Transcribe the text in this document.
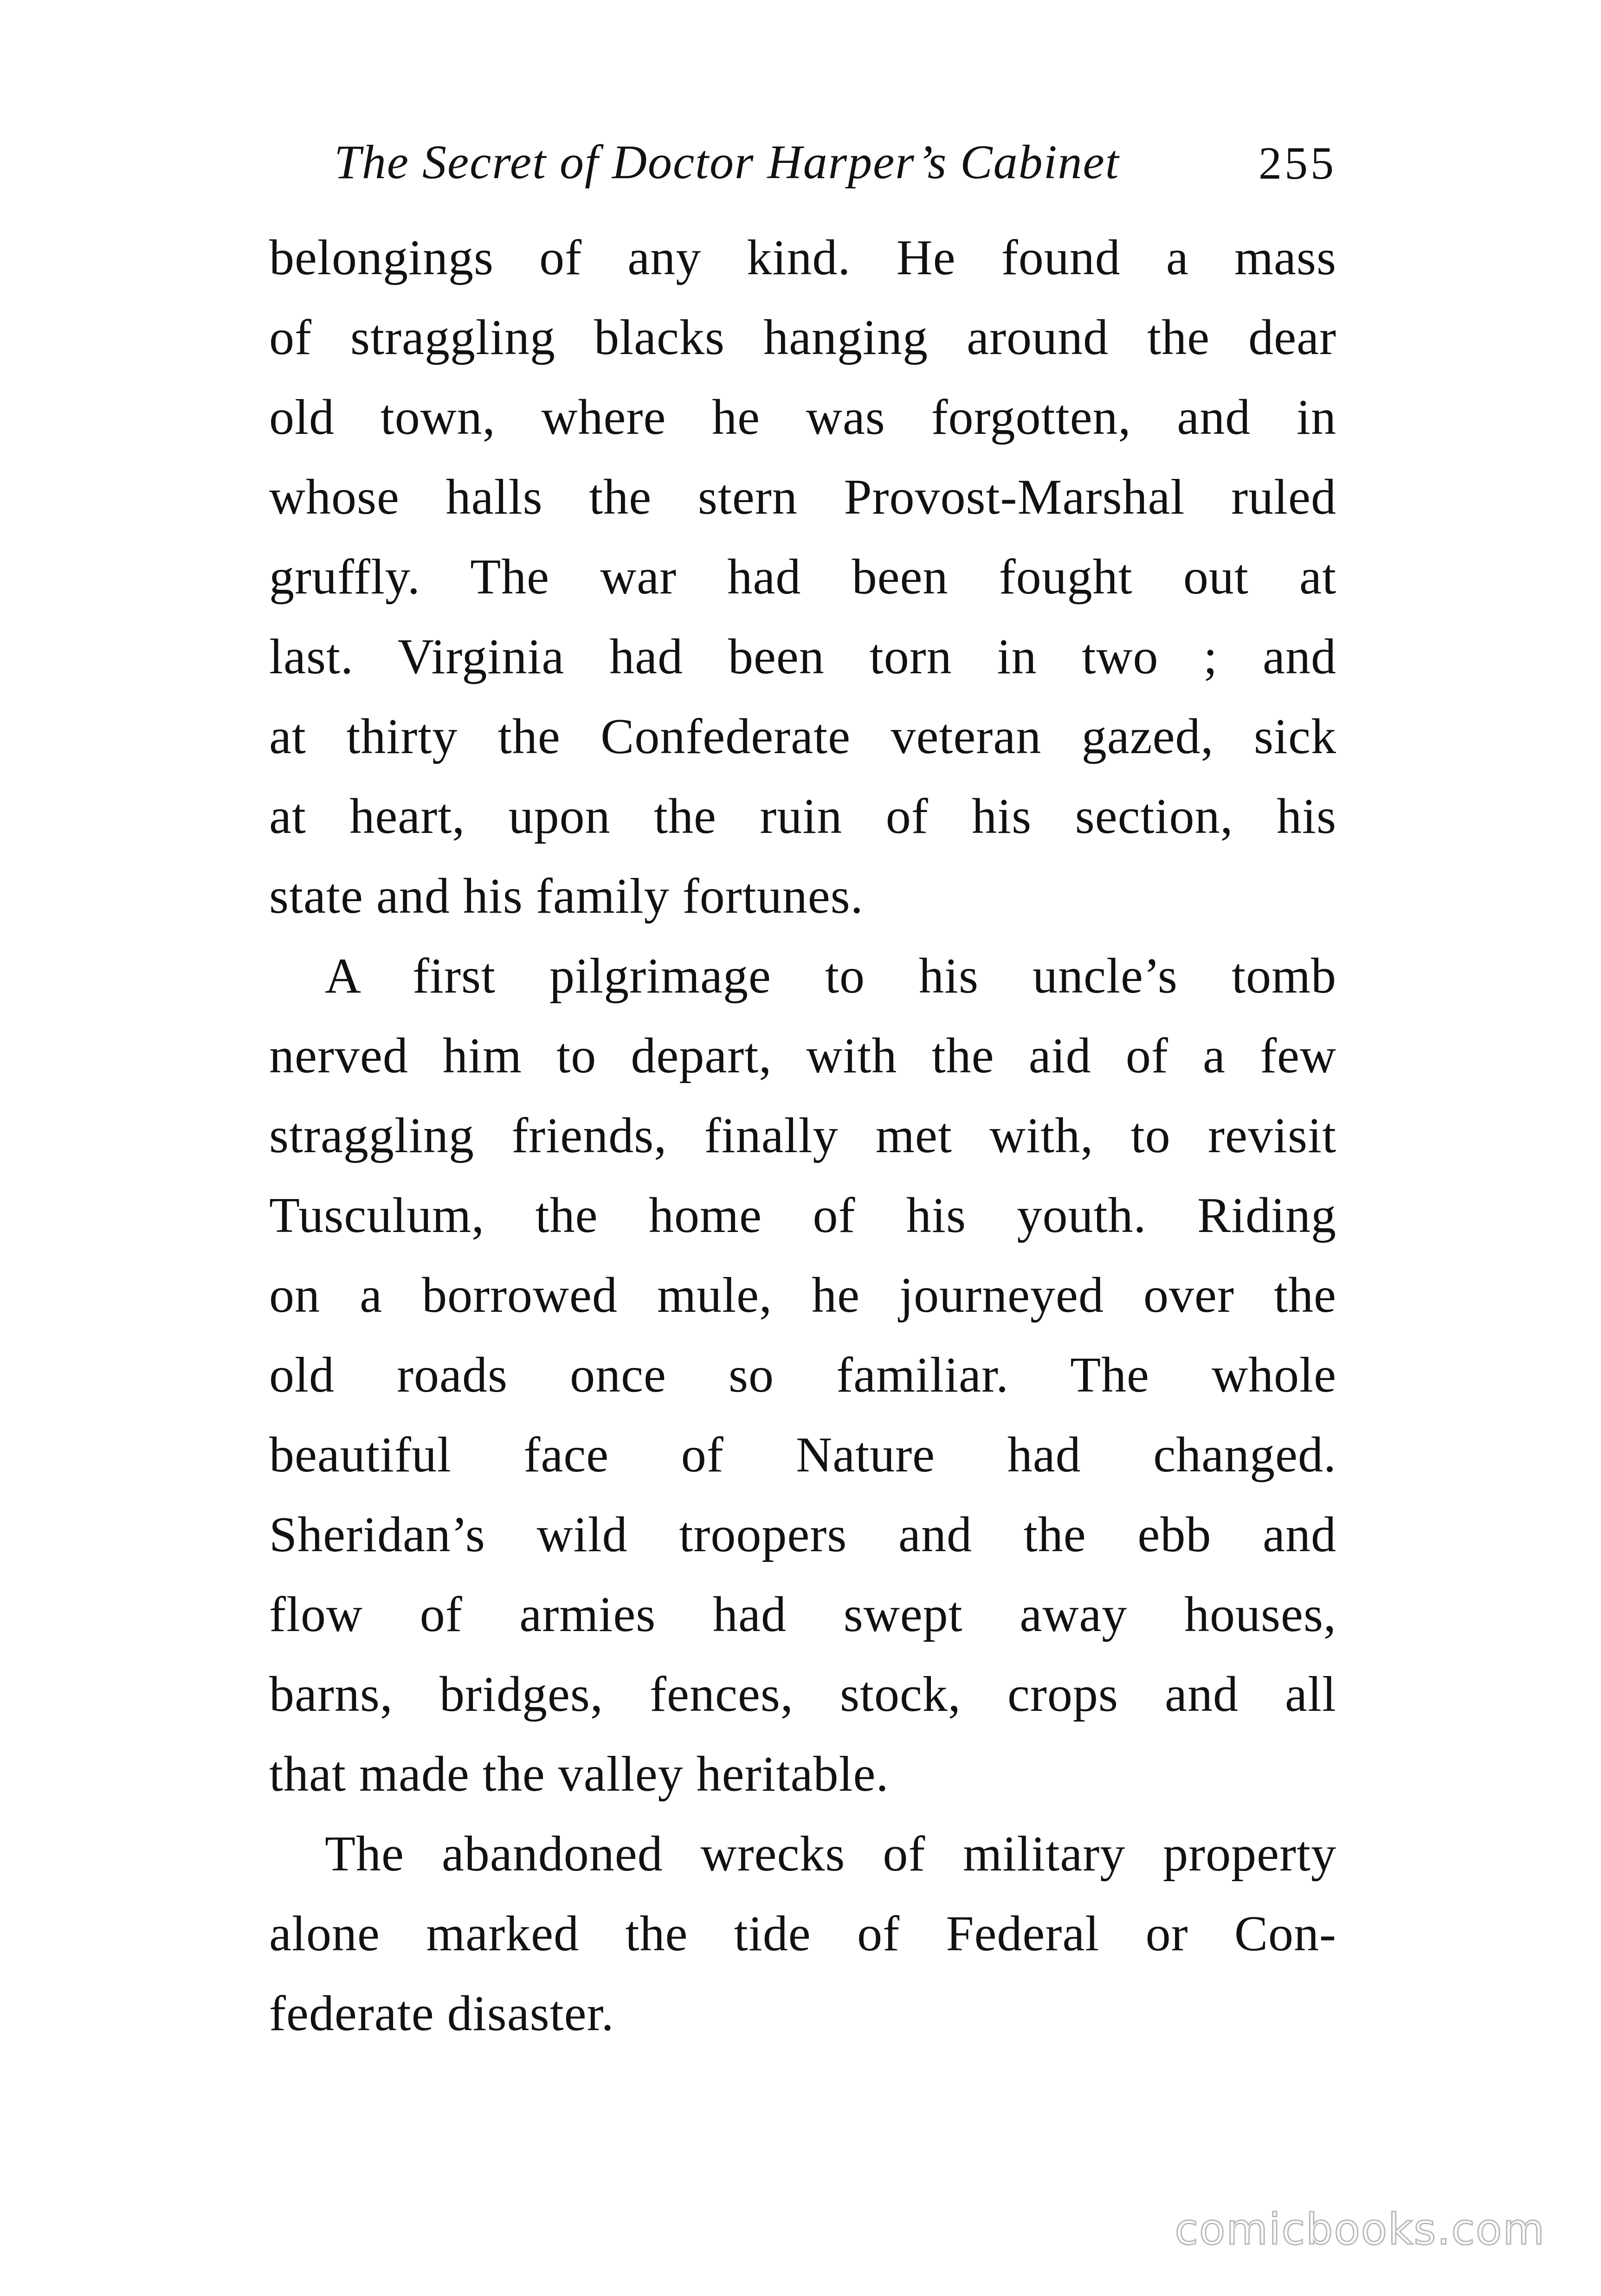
The Secret of Doctor Harper’s Cabinet	255
belongings of any kind. He found a mass
of straggling blacks hanging around the dear
old town, where he was forgotten, and in
whose halls the stern Provost-Marshal ruled
gruffly. The war had been fought out at
last. Virginia had been torn in two ; and
at thirty the Confederate veteran gazed, sick
at heart, upon the ruin of his section, his
state and his family fortunes.
A first pilgrimage to his uncle’s tomb
nerved him to depart, with the aid of a few
straggling friends, finally met with, to revisit
Tusculum, the home of his youth. Riding
on a borrowed mule, he journeyed over the
old roads once so familiar. The whole
beautiful face of Nature had changed.
Sheridan’s wild troopers and the ebb and
flow of armies had swept away houses,
barns, bridges, fences, stock, crops and all
that made the valley heritable.
The abandoned wrecks of military property
alone marked the tide of Federal or Con-
federate disaster.
comicbooks.com
